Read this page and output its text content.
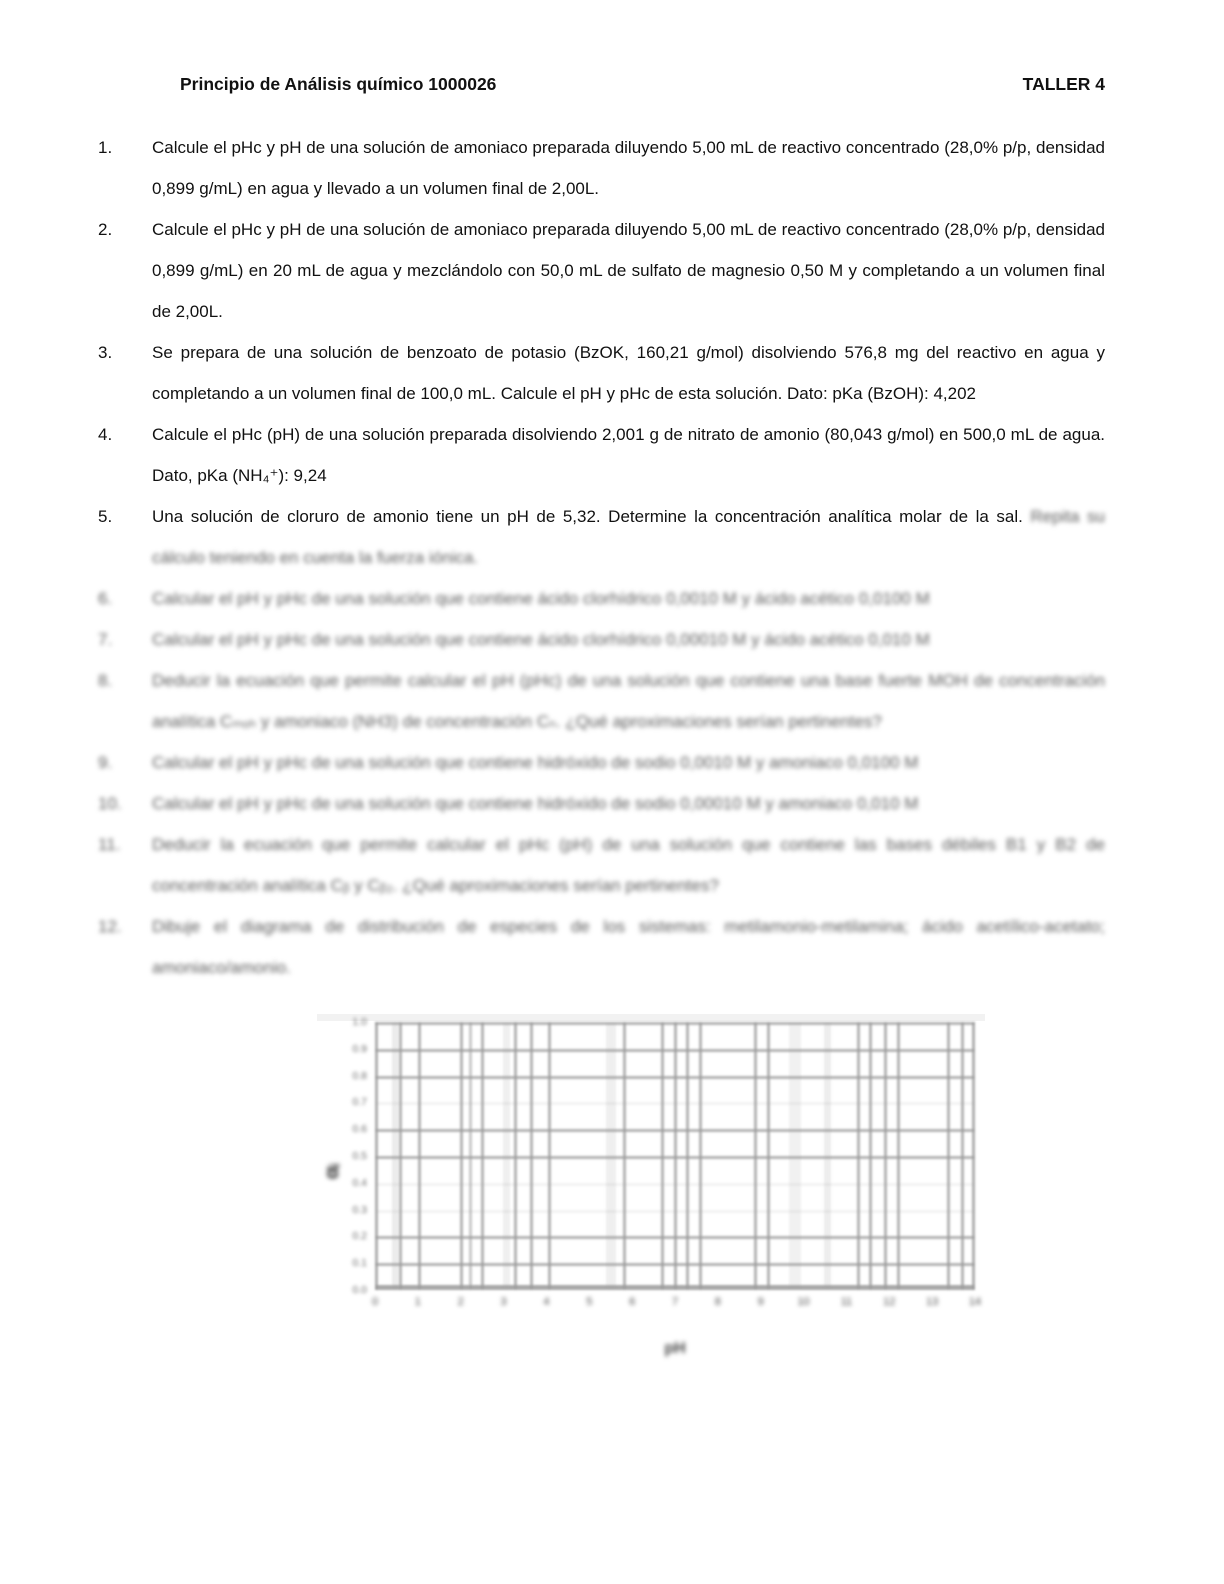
Principio de Análisis químico 1000026	TALLER 4
1.	Calcule el pHc y pH de una solución de amoniaco preparada diluyendo 5,00 mL de reactivo concentrado (28,0% p/p, densidad 0,899 g/mL) en agua y llevado a un volumen final de 2,00L.
2.	Calcule el pHc y pH de una solución de amoniaco preparada diluyendo 5,00 mL de reactivo concentrado (28,0% p/p, densidad 0,899 g/mL) en 20 mL de agua y mezclándolo con 50,0 mL de sulfato de magnesio 0,50 M y completando a un volumen final de 2,00L.
3.	Se prepara de una solución de benzoato de potasio (BzOK, 160,21 g/mol) disolviendo 576,8 mg del reactivo en agua y completando a un volumen final de 100,0 mL. Calcule el pH y pHc de esta solución. Dato: pKa (BzOH): 4,202
4.	Calcule el pHc (pH) de una solución preparada disolviendo 2,001 g de nitrato de amonio (80,043 g/mol) en 500,0 mL de agua. Dato, pKa (NH₄⁺): 9,24
5.	Una solución de cloruro de amonio tiene un pH de 5,32. Determine la concentración analítica molar de la sal. Repita su cálculo teniendo en cuenta la fuerza iónica.
6.	Calcular el pH y pHc de una solución que contiene ácido clorhídrico 0,0010 M y ácido acético 0,0100 M
7.	Calcular el pH y pHc de una solución que contiene ácido clorhídrico 0,00010 M y ácido acético 0,010 M
8.	Deducir la ecuación que permite calcular el pH (pHc) de una solución que contiene una base fuerte MOH de concentración analítica Cₘₒₕ y amoniaco (NH3) de concentración Cₙ. ¿Qué aproximaciones serían pertinentes?
9.	Calcular el pH y pHc de una solución que contiene hidróxido de sodio 0,0010 M y amoniaco 0,0100 M
10.	Calcular el pH y pHc de una solución que contiene hidróxido de sodio 0,00010 M y amoniaco 0,010 M
11.	Deducir la ecuación que permite calcular el pHc (pH) de una solución que contiene las bases débiles B1 y B2 de concentración analítica Cᵦ y Cᵦ₂. ¿Qué aproximaciones serían pertinentes?
12.	Dibuje el diagrama de distribución de especies de los sistemas: metilamonio-metilamina; ácido acetílico-acetato; amoniaco/amonio.
αᵢ
1.0
0.9
0.8
0.7
0.6
0.5
0.4
0.3
0.2
0.1
0.0
0	1	2	3	4	5	6	7	8	9	10	11	12	13	14
pH
